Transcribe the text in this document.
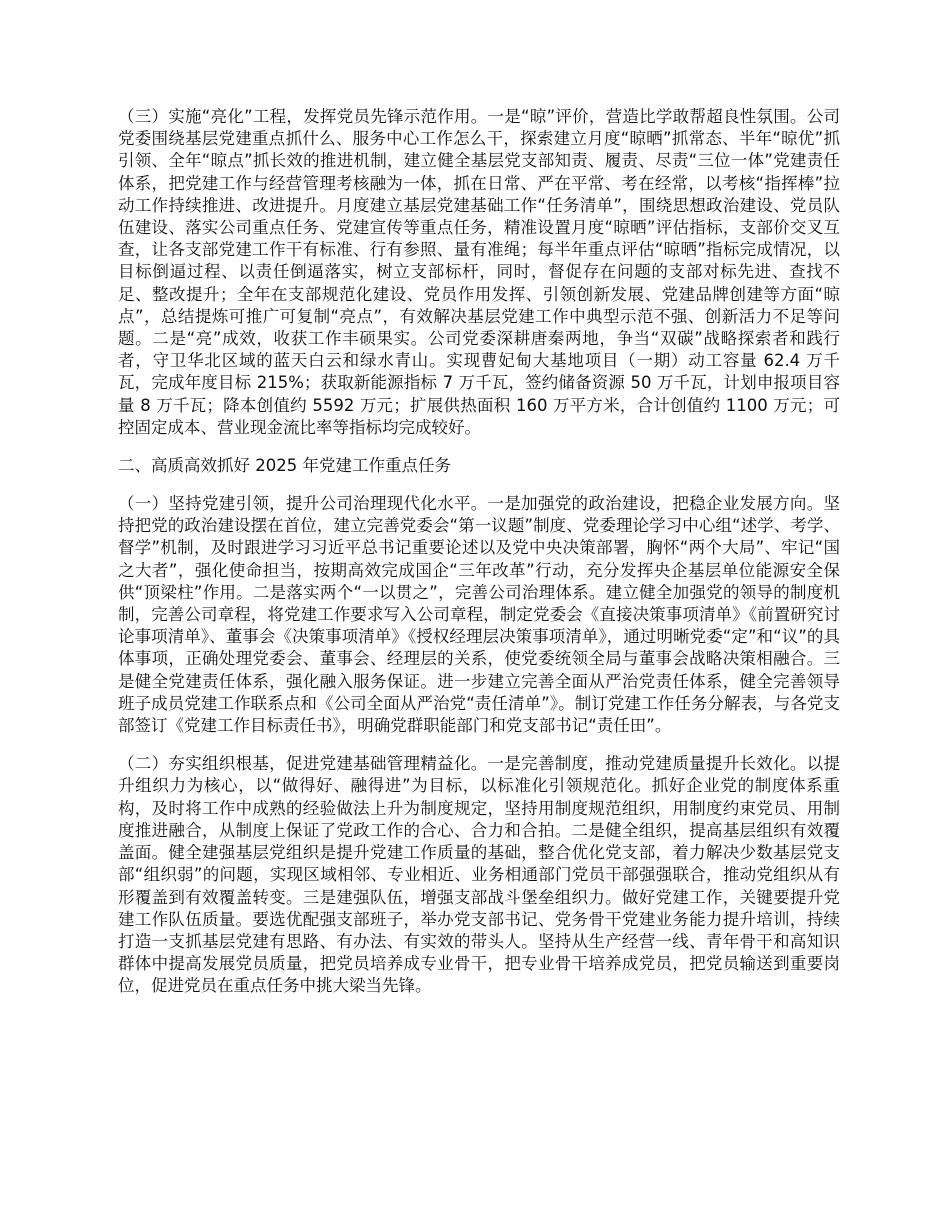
（三）实施“亮化”工程，发挥党员先锋示范作用。一是“晾”评价，营造比学敢帮超良性氛围。公司党委围绕基层党建重点抓什么、服务中心工作怎么干，探索建立月度“晾晒”抓常态、半年“晾优”抓引领、全年“晾点”抓长效的推进机制，建立健全基层党支部知责、履责、尽责“三位一体”党建责任体系，把党建工作与经营管理考核融为一体，抓在日常、严在平常、考在经常，以考核“指挥棒”拉动工作持续推进、改进提升。月度建立基层党建基础工作“任务清单”，围绕思想政治建设、党员队伍建设、落实公司重点任务、党建宣传等重点任务，精准设置月度“晾晒”评估指标，支部价交叉互查，让各支部党建工作干有标准、行有参照、量有准绳；每半年重点评估“晾晒”指标完成情况，以目标倒逼过程、以责任倒逼落实，树立支部标杆，同时，督促存在问题的支部对标先进、查找不足、整改提升；全年在支部规范化建设、党员作用发挥、引领创新发展、党建品牌创建等方面“晾点”，总结提炼可推广可复制“亮点”，有效解决基层党建工作中典型示范不强、创新活力不足等问题。二是“亮”成效，收获工作丰硕果实。公司党委深耕唐秦两地，争当“双碳”战略探索者和践行者，守卫华北区域的蓝天白云和绿水青山。实现曹妃甸大基地项目（一期）动工容量 62.4 万千瓦，完成年度目标 215%；获取新能源指标 7 万千瓦，签约储备资源 50 万千瓦，计划申报项目容量 8 万千瓦；降本创值约 5592 万元；扩展供热面积 160 万平方米，合计创值约 1100 万元；可控固定成本、营业现金流比率等指标均完成较好。

二、高质高效抓好 2025 年党建工作重点任务

（一）坚持党建引领，提升公司治理现代化水平。一是加强党的政治建设，把稳企业发展方向。坚持把党的政治建设摆在首位，建立完善党委会“第一议题”制度、党委理论学习中心组“述学、考学、督学”机制，及时跟进学习习近平总书记重要论述以及党中央决策部署，胸怀“两个大局”、牢记“国之大者”，强化使命担当，按期高效完成国企“三年改革”行动，充分发挥央企基层单位能源安全保供“顶梁柱”作用。二是落实两个“一以贯之”，完善公司治理体系。建立健全加强党的领导的制度机制，完善公司章程，将党建工作要求写入公司章程，制定党委会《直接决策事项清单》《前置研究讨论事项清单》、董事会《决策事项清单》《授权经理层决策事项清单》，通过明晰党委“定”和“议”的具体事项，正确处理党委会、董事会、经理层的关系，使党委统领全局与董事会战略决策相融合。三是健全党建责任体系，强化融入服务保证。进一步建立完善全面从严治党责任体系，健全完善领导班子成员党建工作联系点和《公司全面从严治党“责任清单”》。制订党建工作任务分解表，与各党支部签订《党建工作目标责任书》，明确党群职能部门和党支部书记“责任田”。

（二）夯实组织根基，促进党建基础管理精益化。一是完善制度，推动党建质量提升长效化。以提升组织力为核心，以“做得好、融得进”为目标，以标准化引领规范化。抓好企业党的制度体系重构，及时将工作中成熟的经验做法上升为制度规定，坚持用制度规范组织，用制度约束党员、用制度推进融合，从制度上保证了党政工作的合心、合力和合拍。二是健全组织，提高基层组织有效覆盖面。健全建强基层党组织是提升党建工作质量的基础，整合优化党支部，着力解决少数基层党支部“组织弱”的问题，实现区域相邻、专业相近、业务相通部门党员干部强强联合，推动党组织从有形覆盖到有效覆盖转变。三是建强队伍，增强支部战斗堡垒组织力。做好党建工作，关键要提升党建工作队伍质量。要选优配强支部班子，举办党支部书记、党务骨干党建业务能力提升培训，持续打造一支抓基层党建有思路、有办法、有实效的带头人。坚持从生产经营一线、青年骨干和高知识群体中提高发展党员质量，把党员培养成专业骨干，把专业骨干培养成党员，把党员输送到重要岗位，促进党员在重点任务中挑大梁当先锋。
